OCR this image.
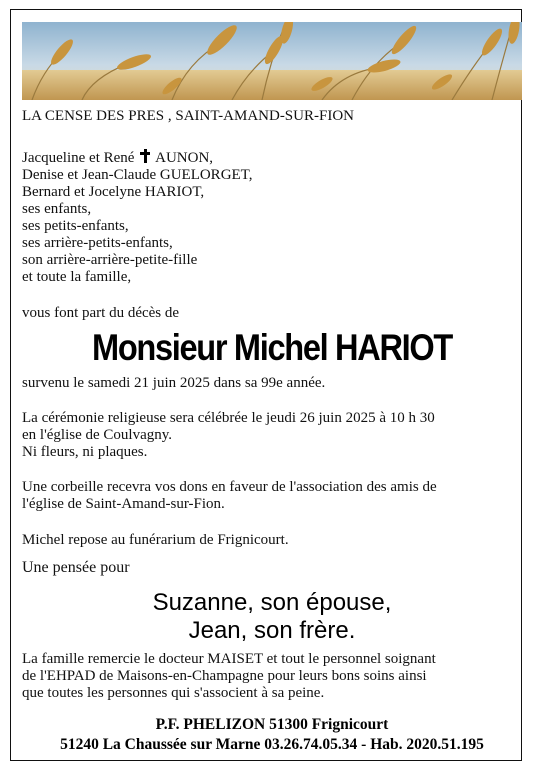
LA CENSE DES PRES , SAINT-AMAND-SUR-FION
Jacqueline et René AUNON,
Denise et Jean-Claude GUELORGET,
Bernard et Jocelyne HARIOT,
ses enfants,
ses petits-enfants,
ses arrière-petits-enfants,
son arrière-arrière-petite-fille
et toute la famille,
vous font part du décès de
Monsieur Michel HARIOT
survenu le samedi 21 juin 2025 dans sa 99e année.
La cérémonie religieuse sera célébrée le jeudi 26 juin 2025 à 10 h 30
en l'église de Coulvagny.
Ni fleurs, ni plaques.
Une corbeille recevra vos dons en faveur de l'association des amis de
l'église de Saint-Amand-sur-Fion.
Michel repose au funérarium de Frignicourt.
Une pensée pour
Suzanne, son épouse,
Jean, son frère.
La famille remercie le docteur MAISET et tout le personnel soignant
de l'EHPAD de Maisons-en-Champagne pour leurs bons soins ainsi
que toutes les personnes qui s'associent à sa peine.
P.F. PHELIZON 51300 Frignicourt
51240 La Chaussée sur Marne 03.26.74.05.34 - Hab. 2020.51.195
